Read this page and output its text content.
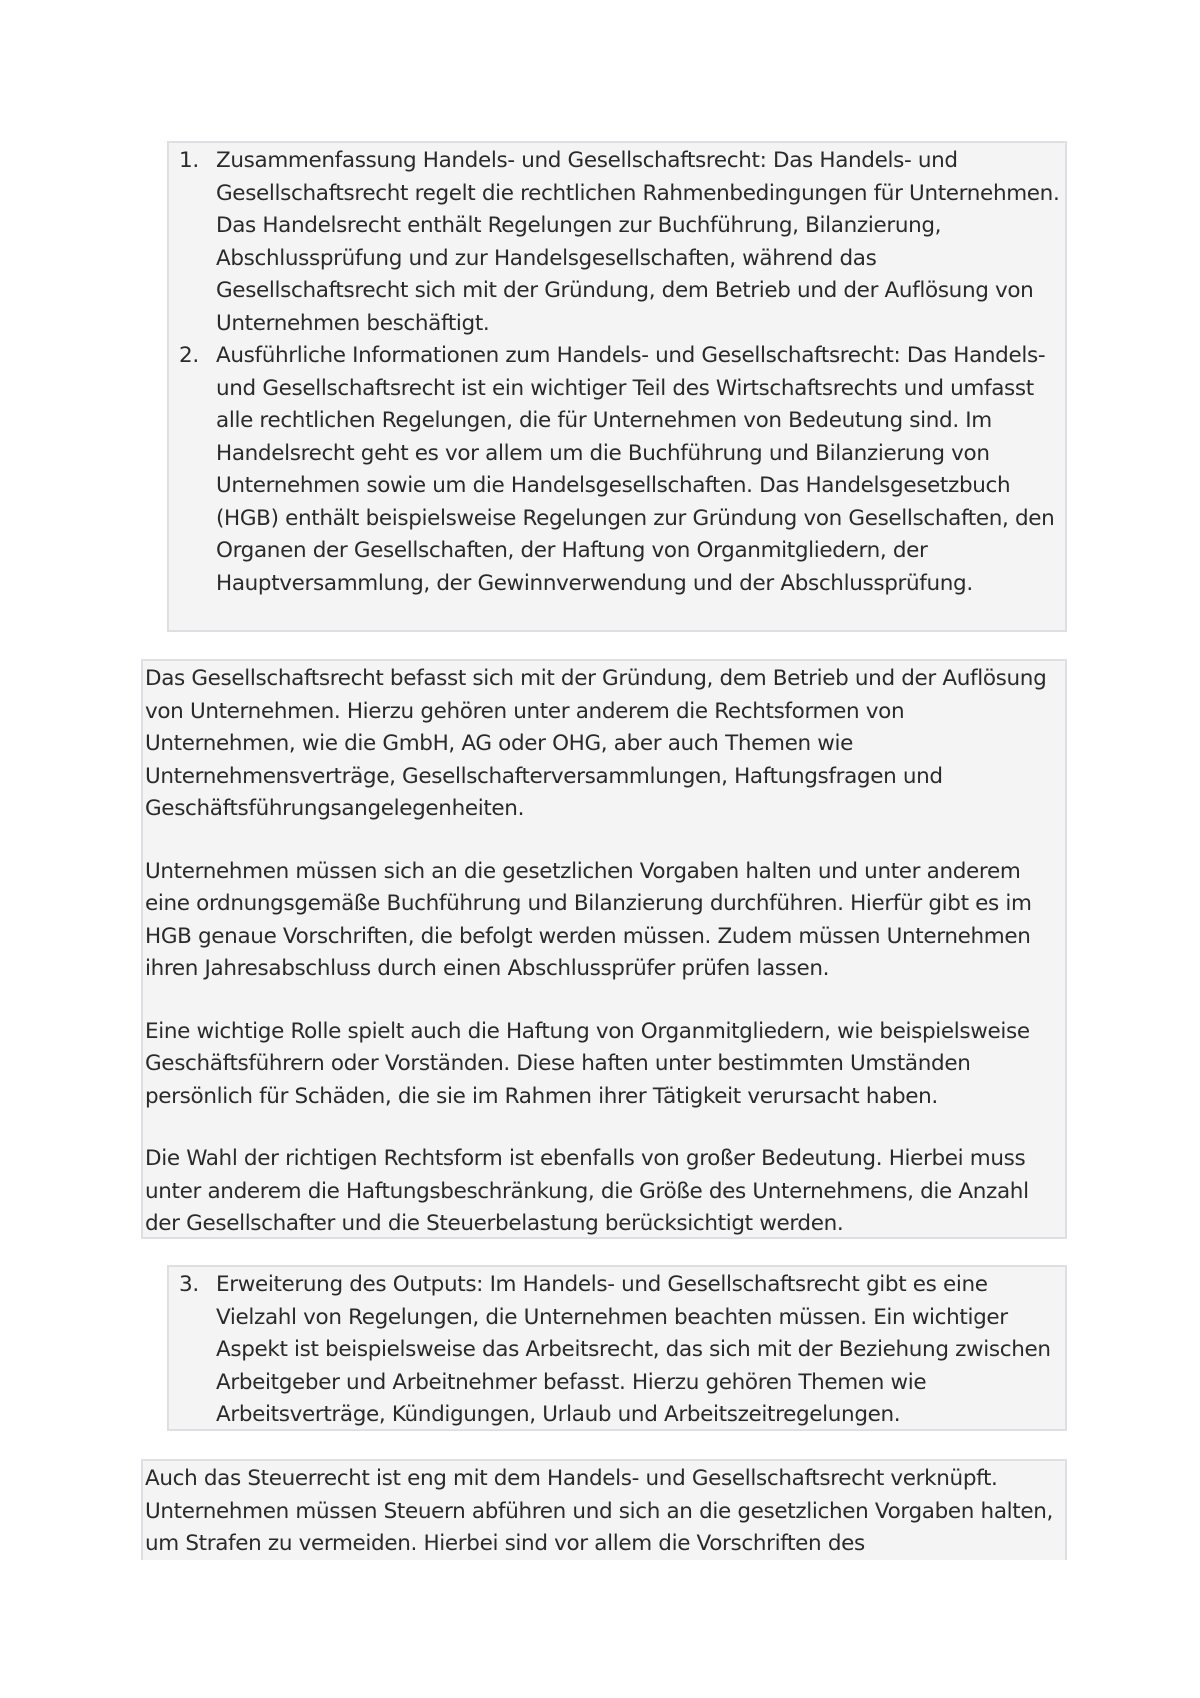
1. Zusammenfassung Handels- und Gesellschaftsrecht: Das Handels- und Gesellschaftsrecht regelt die rechtlichen Rahmenbedingungen für Unternehmen. Das Handelsrecht enthält Regelungen zur Buchführung, Bilanzierung, Abschlussprüfung und zur Handelsgesellschaften, während das Gesellschaftsrecht sich mit der Gründung, dem Betrieb und der Auflösung von Unternehmen beschäftigt.
2. Ausführliche Informationen zum Handels- und Gesellschaftsrecht: Das Handels- und Gesellschaftsrecht ist ein wichtiger Teil des Wirtschaftsrechts und umfasst alle rechtlichen Regelungen, die für Unternehmen von Bedeutung sind. Im Handelsrecht geht es vor allem um die Buchführung und Bilanzierung von Unternehmen sowie um die Handelsgesellschaften. Das Handelsgesetzbuch (HGB) enthält beispielsweise Regelungen zur Gründung von Gesellschaften, den Organen der Gesellschaften, der Haftung von Organmitgliedern, der Hauptversammlung, der Gewinnverwendung und der Abschlussprüfung.

Das Gesellschaftsrecht befasst sich mit der Gründung, dem Betrieb und der Auflösung von Unternehmen. Hierzu gehören unter anderem die Rechtsformen von Unternehmen, wie die GmbH, AG oder OHG, aber auch Themen wie Unternehmensverträge, Gesellschafterversammlungen, Haftungsfragen und Geschäftsführungsangelegenheiten.

Unternehmen müssen sich an die gesetzlichen Vorgaben halten und unter anderem eine ordnungsgemäße Buchführung und Bilanzierung durchführen. Hierfür gibt es im HGB genaue Vorschriften, die befolgt werden müssen. Zudem müssen Unternehmen ihren Jahresabschluss durch einen Abschlussprüfer prüfen lassen.

Eine wichtige Rolle spielt auch die Haftung von Organmitgliedern, wie beispielsweise Geschäftsführern oder Vorständen. Diese haften unter bestimmten Umständen persönlich für Schäden, die sie im Rahmen ihrer Tätigkeit verursacht haben.

Die Wahl der richtigen Rechtsform ist ebenfalls von großer Bedeutung. Hierbei muss unter anderem die Haftungsbeschränkung, die Größe des Unternehmens, die Anzahl der Gesellschafter und die Steuerbelastung berücksichtigt werden.

3. Erweiterung des Outputs: Im Handels- und Gesellschaftsrecht gibt es eine Vielzahl von Regelungen, die Unternehmen beachten müssen. Ein wichtiger Aspekt ist beispielsweise das Arbeitsrecht, das sich mit der Beziehung zwischen Arbeitgeber und Arbeitnehmer befasst. Hierzu gehören Themen wie Arbeitsverträge, Kündigungen, Urlaub und Arbeitszeitregelungen.

Auch das Steuerrecht ist eng mit dem Handels- und Gesellschaftsrecht verknüpft. Unternehmen müssen Steuern abführen und sich an die gesetzlichen Vorgaben halten, um Strafen zu vermeiden. Hierbei sind vor allem die Vorschriften des
